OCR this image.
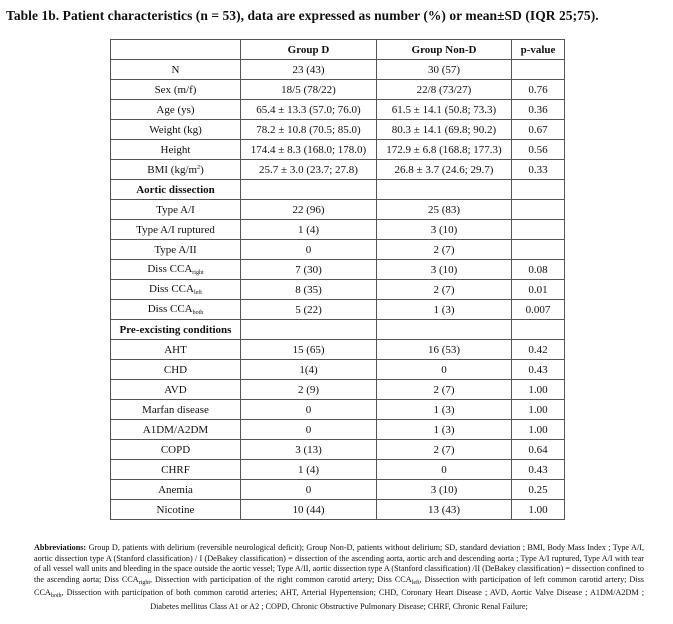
Table 1b. Patient characteristics (n = 53), data are expressed as number (%) or mean±SD (IQR 25;75).
	Group D	Group Non-D	p-value
N	23 (43)	30 (57)	
Sex (m/f)	18/5 (78/22)	22/8 (73/27)	0.76
Age (ys)	65.4 ± 13.3 (57.0; 76.0)	61.5 ± 14.1 (50.8; 73.3)	0.36
Weight (kg)	78.2 ± 10.8 (70.5; 85.0)	80.3 ± 14.1 (69.8; 90.2)	0.67
Height	174.4 ± 8.3 (168.0; 178.0)	172.9 ± 6.8 (168.8; 177.3)	0.56
BMI $(kg/m^2)$	25.7 ± 3.0 (23.7; 27.8)	26.8 ± 3.7 (24.6; 29.7)	0.33
Aortic dissection			
Type A/I	22 (96)	25 (83)	
Type A/I ruptured	1 (4)	3 (10)	
Type A/II	0	2 (7)	
Diss $CCA_{right}$	7 (30)	3 (10)	0.08
Diss $CCA_{left}$	8 (35)	2 (7)	0.01
Diss $CCA_{both}$	5 (22)	1 (3)	0.007
Pre-excisting conditions			
AHT	15 (65)	16 (53)	0.42
CHD	1(4)	0	0.43
AVD	2 (9)	2 (7)	1.00
Marfan disease	0	1 (3)	1.00
A1DM/A2DM	0	1 (3)	1.00
COPD	3 (13)	2 (7)	0.64
CHRF	1 (4)	0	0.43
Anemia	0	3 (10)	0.25
Nicotine	10 (44)	13 (43)	1.00
Abbreviations: Group D, patients with delirium (reversible neurological deficit); Group Non-D, patients without delirium; SD, standard deviation ; BMI, Body Mass Index ; Type A/I, aortic dissection type A (Stanford classification) / I (DeBakey classification) = dissection of the ascending aorta, aortic arch and descending aorta ; Type A/I ruptured, Type A/I with tear of all vessel wall units and bleeding in the space outside the aortic vessel; Type A/II, aortic dissection type A (Stanford classification) /II (DeBakey classification) = dissection confined to the ascending aorta; Diss $CCA_{right}$, Dissection with participation of the right common carotid artery; Diss $CCA_{left}$, Dissection with participation of left common carotid artery; Diss $CCA_{both}$, Dissection with participation of both common carotid arteries; AHT, Arterial Hypertension; CHD, Coronary Heart Disease ; AVD, Aortic Valve Disease ; A1DM/A2DM ; Diabetes mellitus Class A1 or A2 ; COPD, Chronic Obstructive Pulmonary Disease; CHRF, Chronic Renal Failure;
